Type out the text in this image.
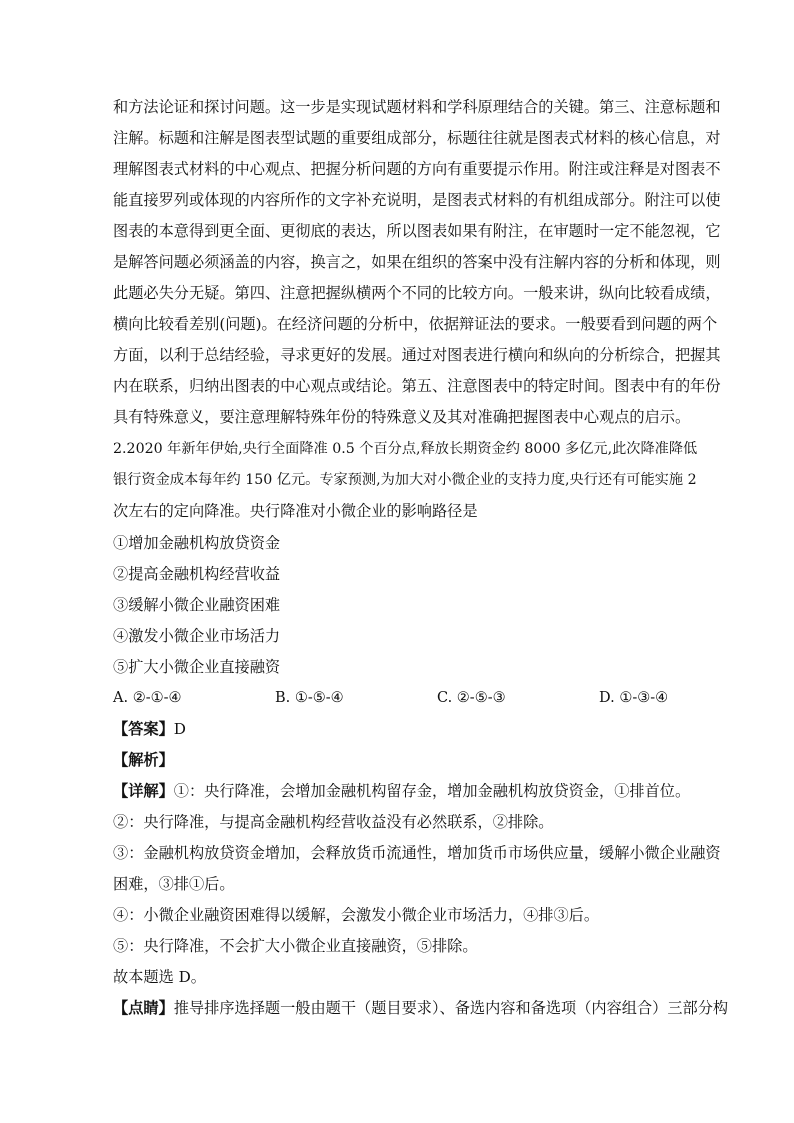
和方法论证和探讨问题。这一步是实现试题材料和学科原理结合的关键。第三、注意标题和
注解。标题和注解是图表型试题的重要组成部分，标题往往就是图表式材料的核心信息，对
理解图表式材料的中心观点、把握分析问题的方向有重要提示作用。附注或注释是对图表不
能直接罗列或体现的内容所作的文字补充说明，是图表式材料的有机组成部分。附注可以使
图表的本意得到更全面、更彻底的表达，所以图表如果有附注，在审题时一定不能忽视，它
是解答问题必须涵盖的内容，换言之，如果在组织的答案中没有注解内容的分析和体现，则
此题必失分无疑。第四、注意把握纵横两个不同的比较方向。一般来讲，纵向比较看成绩，
横向比较看差别(问题)。在经济问题的分析中，依据辩证法的要求。一般要看到问题的两个
方面，以利于总结经验，寻求更好的发展。通过对图表进行横向和纵向的分析综合，把握其
内在联系，归纳出图表的中心观点或结论。第五、注意图表中的特定时间。图表中有的年份
具有特殊意义，要注意理解特殊年份的特殊意义及其对准确把握图表中心观点的启示。
2.2020 年新年伊始,央行全面降准 0.5 个百分点,释放长期资金约 8000 多亿元,此次降准降低
银行资金成本每年约 150 亿元。专家预测,为加大对小微企业的支持力度,央行还有可能实施 2
次左右的定向降准。央行降准对小微企业的影响路径是
①增加金融机构放贷资金
②提高金融机构经营收益
③缓解小微企业融资困难
④激发小微企业市场活力
⑤扩大小微企业直接融资
A. ②-①-④	B. ①-⑤-④	C. ②-⑤-③	D. ①-③-④
【答案】D
【解析】
【详解】①：央行降准，会增加金融机构留存金，增加金融机构放贷资金，①排首位。
②：央行降准，与提高金融机构经营收益没有必然联系，②排除。
③：金融机构放贷资金增加，会释放货币流通性，增加货币市场供应量，缓解小微企业融资
困难，③排①后。
④：小微企业融资困难得以缓解，会激发小微企业市场活力，④排③后。
⑤：央行降准，不会扩大小微企业直接融资，⑤排除。
故本题选 D。
【点睛】推导排序选择题一般由题干（题目要求）、备选内容和备选项（内容组合）三部分构
